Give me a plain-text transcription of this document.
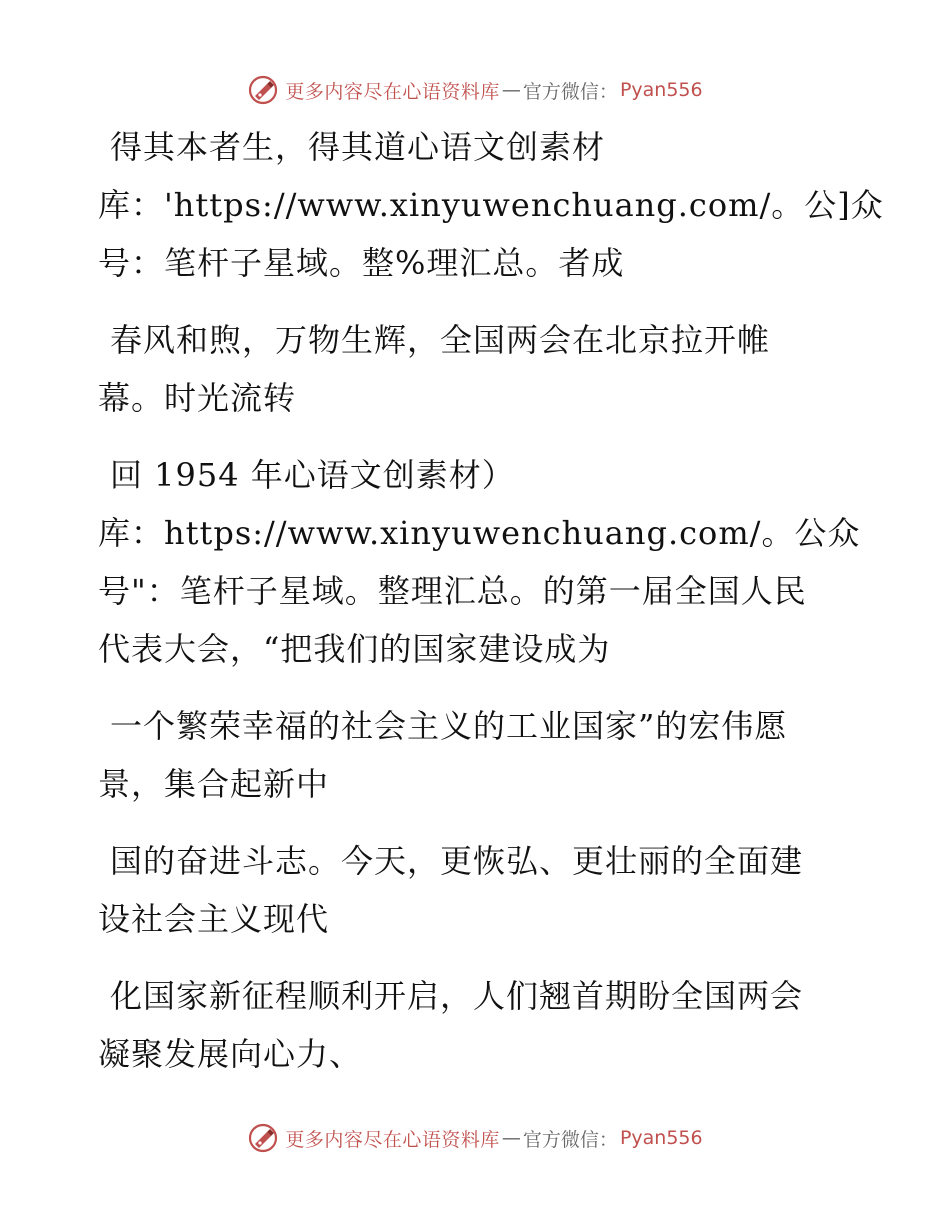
更多内容尽在心语资料库 — 官方微信： Pyan556
得其本者生，得其道心语文创素材
库：'https://www.xinyuwenchuang.com/。公]众
号：笔杆子星域。整%理汇总。者成
春风和煦，万物生辉，全国两会在北京拉开帷
幕。时光流转
回 1954 年心语文创素材）
库：https://www.xinyuwenchuang.com/。公众
号"：笔杆子星域。整理汇总。的第一届全国人民
代表大会，“把我们的国家建设成为
一个繁荣幸福的社会主义的工业国家”的宏伟愿
景，集合起新中
国的奋进斗志。今天，更恢弘、更壮丽的全面建
设社会主义现代
化国家新征程顺利开启，人们翘首期盼全国两会
凝聚发展向心力、
更多内容尽在心语资料库 — 官方微信： Pyan556
